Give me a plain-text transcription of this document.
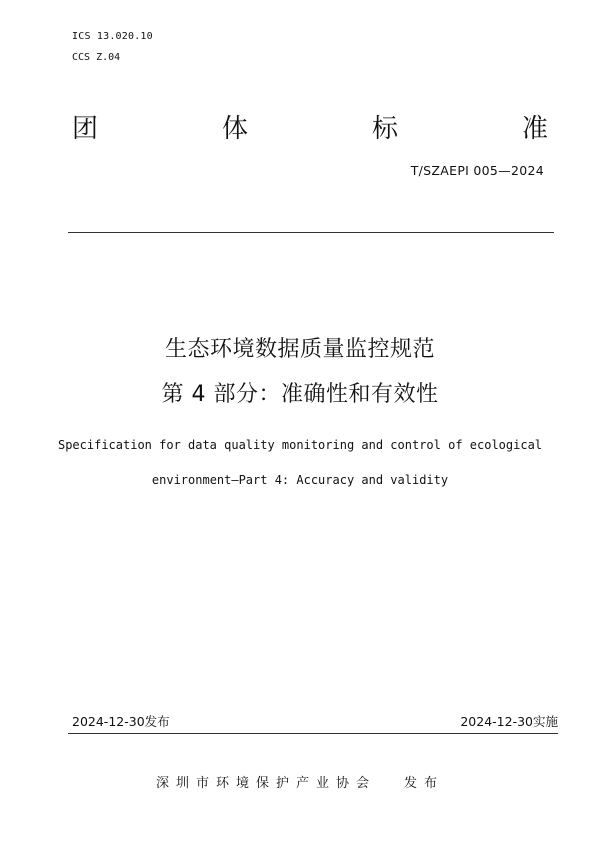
ICS 13.020.10
CCS Z.04
团	体	标	准
T/SZAEPI 005—2024
生态环境数据质量监控规范
第 4 部分：准确性和有效性
Specification for data quality monitoring and control of ecological
environment—Part 4: Accuracy and validity
2024-12-30发布	2024-12-30实施
深圳市环境保护产业协会 发布
